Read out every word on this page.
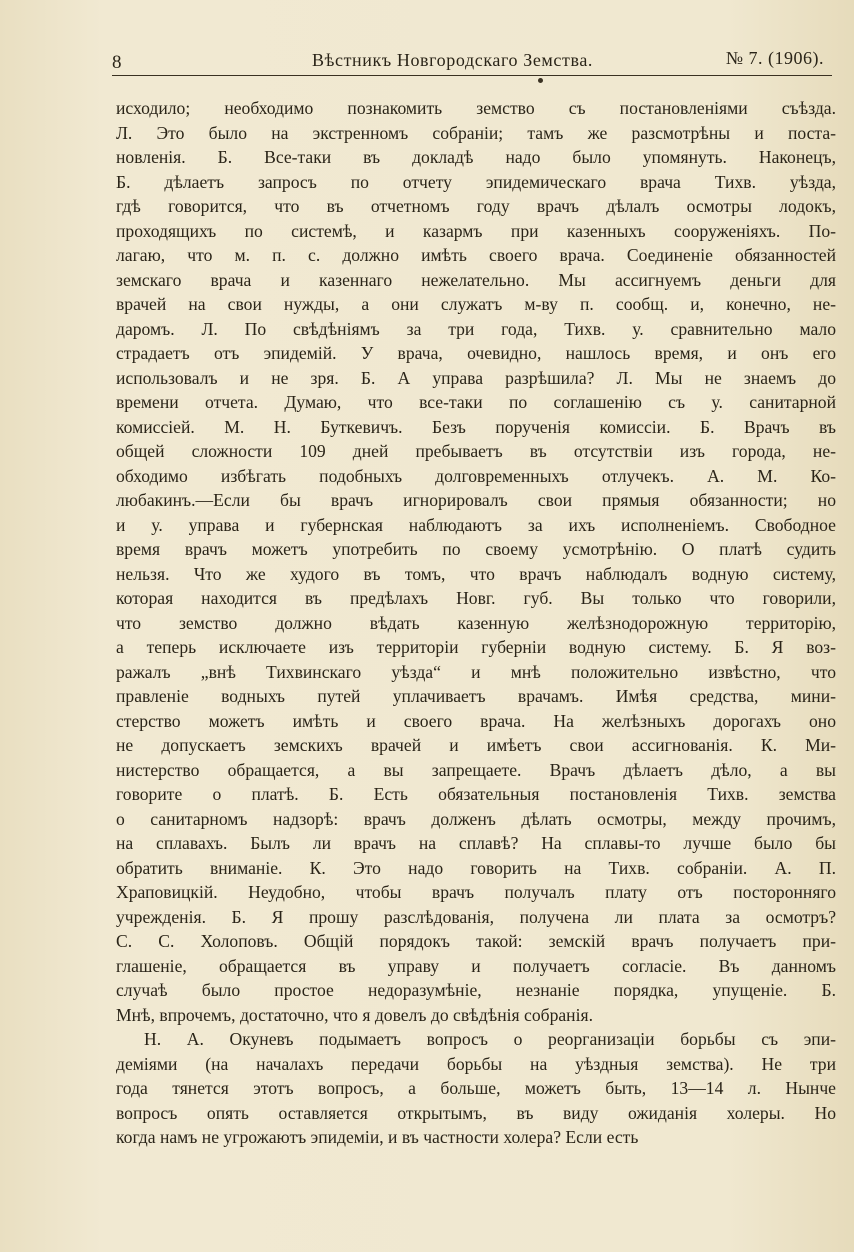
8	Вѣстникъ Новгородскаго Земства.	№ 7. (1906).
исходило; необходимо познакомить земство съ постановленіями съѣзда.
Л. Это было на экстренномъ собраніи; тамъ же разсмотрѣны и поста-
новленія. Б. Все-таки въ докладѣ надо было упомянуть. Наконецъ,
Б. дѣлаетъ запросъ по отчету эпидемическаго врача Тихв. уѣзда,
гдѣ говорится, что въ отчетномъ году врачъ дѣлалъ осмотры лодокъ,
проходящихъ по системѣ, и казармъ при казенныхъ сооруженіяхъ. По-
лагаю, что м. п. с. должно имѣть своего врача. Соединеніе обязанностей
земскаго врача и казеннаго нежелательно. Мы ассигнуемъ деньги для
врачей на свои нужды, а они служатъ м-ву п. сообщ. и, конечно, не-
даромъ. Л. По свѣдѣніямъ за три года, Тихв. у. сравнительно мало
страдаетъ отъ эпидемій. У врача, очевидно, нашлось время, и онъ его
использовалъ и не зря. Б. А управа разрѣшила? Л. Мы не знаемъ до
времени отчета. Думаю, что все-таки по соглашенію съ у. санитарной
комиссіей. М. Н. Буткевичъ. Безъ порученія комиссіи. Б. Врачъ въ
общей сложности 109 дней пребываетъ въ отсутствіи изъ города, не-
обходимо избѣгать подобныхъ долговременныхъ отлучекъ. А. М. Ко-
любакинъ.—Если бы врачъ игнорировалъ свои прямыя обязанности; но
и у. управа и губернская наблюдаютъ за ихъ исполненіемъ. Свободное
время врачъ можетъ употребить по своему усмотрѣнію. О платѣ судить
нельзя. Что же худого въ томъ, что врачъ наблюдалъ водную систему,
которая находится въ предѣлахъ Новг. губ. Вы только что говорили,
что земство должно вѣдать казенную желѣзнодорожную территорію,
а теперь исключаете изъ территоріи губерніи водную систему. Б. Я воз-
ражалъ „внѣ Тихвинскаго уѣзда“ и мнѣ положительно извѣстно, что
правленіе водныхъ путей уплачиваетъ врачамъ. Имѣя средства, мини-
стерство можетъ имѣть и своего врача. На желѣзныхъ дорогахъ оно
не допускаетъ земскихъ врачей и имѣетъ свои ассигнованія. К. Ми-
нистерство обращается, а вы запрещаете. Врачъ дѣлаетъ дѣло, а вы
говорите о платѣ. Б. Есть обязательныя постановленія Тихв. земства
о санитарномъ надзорѣ: врачъ долженъ дѣлать осмотры, между прочимъ,
на сплавахъ. Былъ ли врачъ на сплавѣ? На сплавы-то лучше было бы
обратить вниманіе. К. Это надо говорить на Тихв. собраніи. А. П.
Храповицкій. Неудобно, чтобы врачъ получалъ плату отъ посторонняго
учрежденія. Б. Я прошу разслѣдованія, получена ли плата за осмотръ?
С. С. Холоповъ. Общій порядокъ такой: земскій врачъ получаетъ при-
глашеніе, обращается въ управу и получаетъ согласіе. Въ данномъ
случаѣ было простое недоразумѣніе, незнаніе порядка, упущеніе. Б.
Мнѣ, впрочемъ, достаточно, что я довелъ до свѣдѣнія собранія.
Н. А. Окуневъ подымаетъ вопросъ о реорганизаціи борьбы съ эпи-
деміями (на началахъ передачи борьбы на уѣздныя земства). Не три
года тянется этотъ вопросъ, а больше, можетъ быть, 13—14 л. Нынче
вопросъ опять оставляется открытымъ, въ виду ожиданія холеры. Но
когда намъ не угрожаютъ эпидеміи, и въ частности холера? Если есть
